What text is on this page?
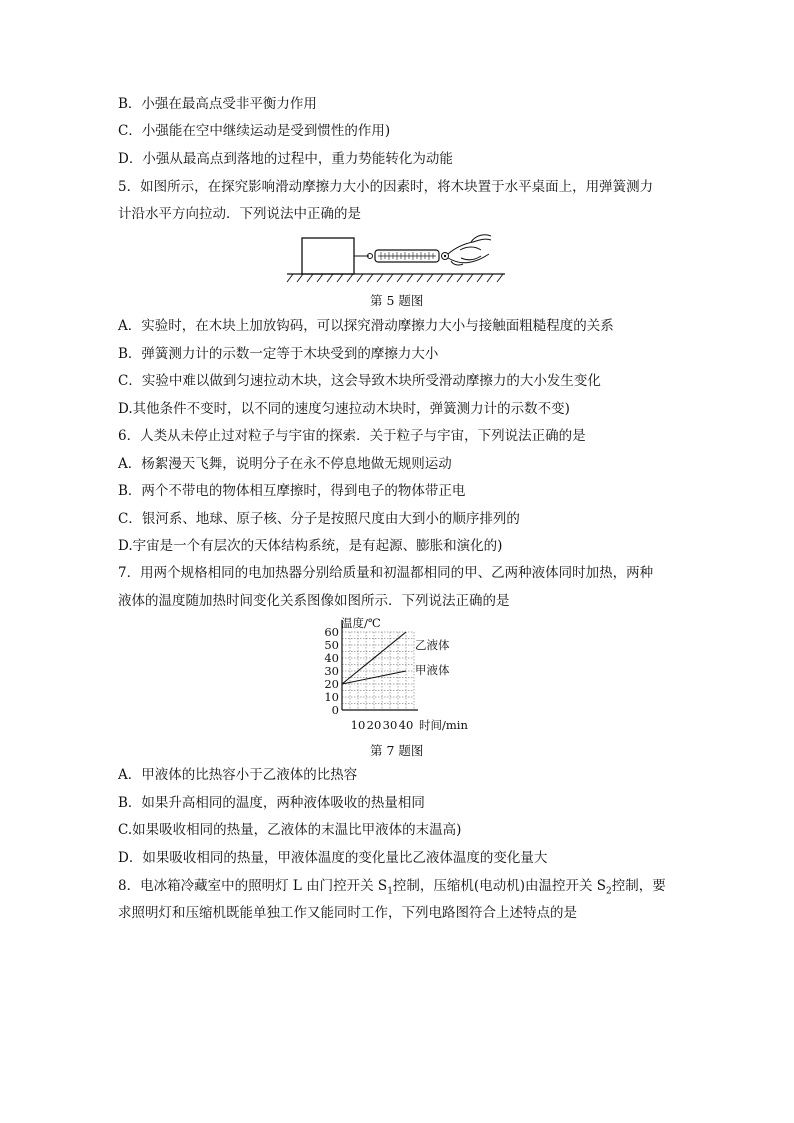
B．小强在最高点受非平衡力作用
C．小强能在空中继续运动是受到惯性的作用)
D．小强从最高点到落地的过程中，重力势能转化为动能
5．如图所示，在探究影响滑动摩擦力大小的因素时，将木块置于水平桌面上，用弹簧测力
计沿水平方向拉动．下列说法中正确的是
第 5 题图
A．实验时，在木块上加放钩码，可以探究滑动摩擦力大小与接触面粗糙程度的关系
B．弹簧测力计的示数一定等于木块受到的摩擦力大小
C．实验中难以做到匀速拉动木块，这会导致木块所受滑动摩擦力的大小发生变化
D.其他条件不变时，以不同的速度匀速拉动木块时，弹簧测力计的示数不变)
6．人类从未停止过对粒子与宇宙的探索．关于粒子与宇宙，下列说法正确的是
A．杨絮漫天飞舞，说明分子在永不停息地做无规则运动
B．两个不带电的物体相互摩擦时，得到电子的物体带正电
C．银河系、地球、原子核、分子是按照尺度由大到小的顺序排列的
D.宇宙是一个有层次的天体结构系统，是有起源、膨胀和演化的)
7．用两个规格相同的电加热器分别给质量和初温都相同的甲、乙两种液体同时加热，两种
液体的温度随加热时间变化关系图像如图所示．下列说法正确的是
0
10
20
30
40
50
60
10 20 30 40
温度/℃
时间/min
乙液体
甲液体
第 7 题图
A．甲液体的比热容小于乙液体的比热容
B．如果升高相同的温度，两种液体吸收的热量相同
C.如果吸收相同的热量，乙液体的末温比甲液体的末温高)
D．如果吸收相同的热量，甲液体温度的变化量比乙液体温度的变化量大
8．电冰箱冷藏室中的照明灯 L 由门控开关 $S_1$控制，压缩机(电动机)由温控开关 $S_2$控制，要
求照明灯和压缩机既能单独工作又能同时工作，下列电路图符合上述特点的是
